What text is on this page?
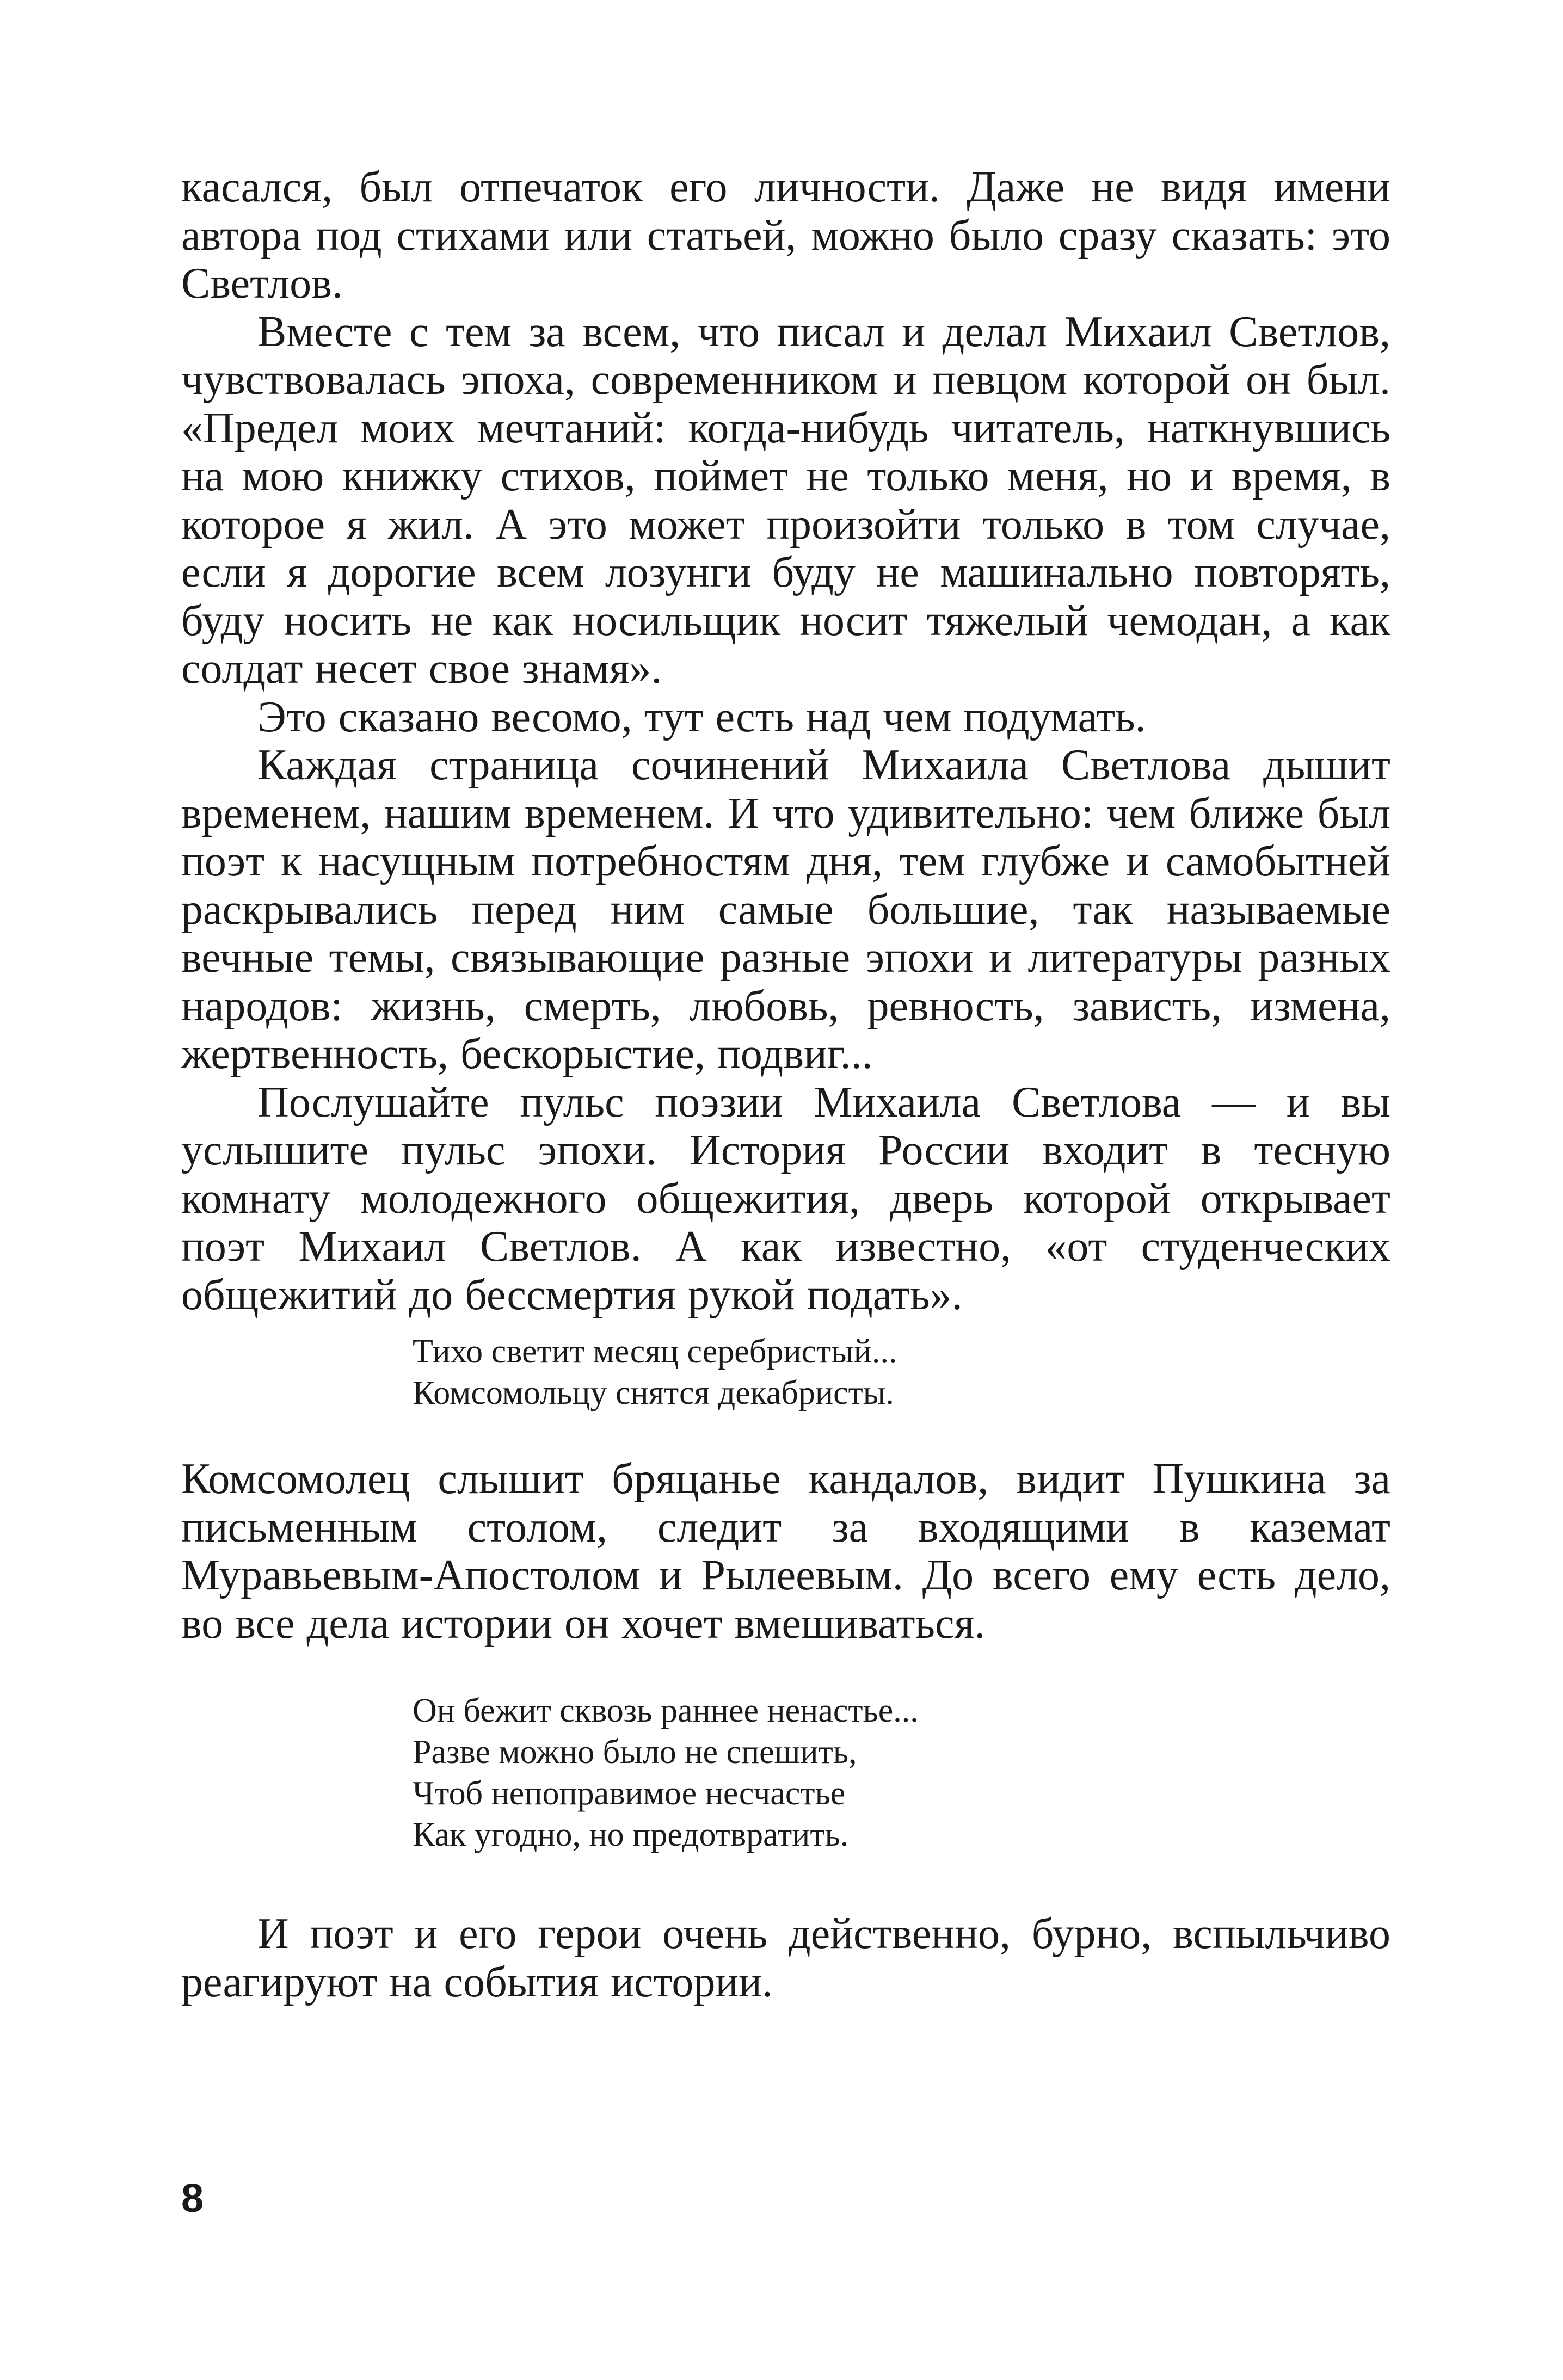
касался, был отпечаток его личности. Даже не видя имени автора под стихами или статьей, можно было сразу сказать: это Светлов.

Вместе с тем за всем, что писал и делал Михаил Светлов, чувствовалась эпоха, современником и певцом которой он был. «Предел моих мечтаний: когда-нибудь читатель, наткнувшись на мою книжку стихов, поймет не только меня, но и время, в которое я жил. А это может произойти только в том случае, если я дорогие всем лозунги буду не машинально повторять, буду носить не как носильщик носит тяжелый чемодан, а как солдат несет свое знамя».

Это сказано весомо, тут есть над чем подумать.

Каждая страница сочинений Михаила Светлова дышит временем, нашим временем. И что удивительно: чем ближе был поэт к насущным потребностям дня, тем глубже и самобытней раскрывались перед ним самые большие, так называемые вечные темы, связывающие разные эпохи и литературы разных народов: жизнь, смерть, любовь, ревность, зависть, измена, жертвенность, бескорыстие, подвиг...

Послушайте пульс поэзии Михаила Светлова — и вы услышите пульс эпохи. История России входит в тесную комнату молодежного общежития, дверь которой открывает поэт Михаил Светлов. А как известно, «от студенческих общежитий до бессмертия рукой подать».

Тихо светит месяц серебристый...
Комсомольцу снятся декабристы.

Комсомолец слышит бряцанье кандалов, видит Пушкина за письменным столом, следит за входящими в каземат Муравьевым-Апостолом и Рылеевым. До всего ему есть дело, во все дела истории он хочет вмешиваться.

Он бежит сквозь раннее ненастье...
Разве можно было не спешить,
Чтоб непоправимое несчастье
Как угодно, но предотвратить.

И поэт и его герои очень действенно, бурно, вспыльчиво реагируют на события истории.

8
